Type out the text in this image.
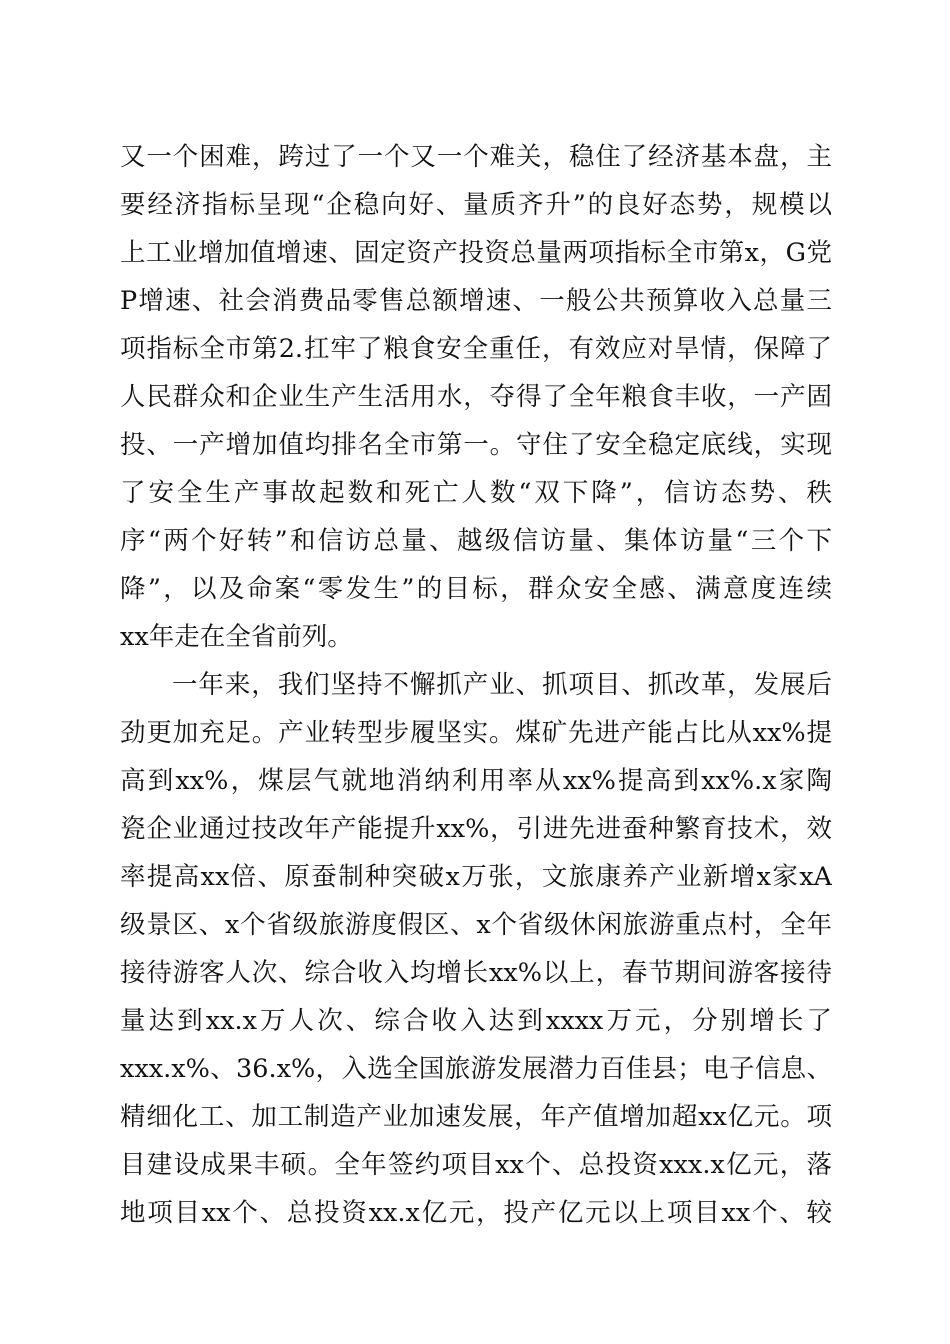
又一个困难，跨过了一个又一个难关，稳住了经济基本盘，主
要经济指标呈现“企稳向好、量质齐升”的良好态势，规模以
上工业增加值增速、固定资产投资总量两项指标全市第x，G党
P增速、社会消费品零售总额增速、一般公共预算收入总量三
项指标全市第2.扛牢了粮食安全重任，有效应对旱情，保障了
人民群众和企业生产生活用水，夺得了全年粮食丰收，一产固
投、一产增加值均排名全市第一。守住了安全稳定底线，实现
了安全生产事故起数和死亡人数“双下降”，信访态势、秩
序“两个好转”和信访总量、越级信访量、集体访量“三个下
降”，以及命案“零发生”的目标，群众安全感、满意度连续
xx年走在全省前列。
一年来，我们坚持不懈抓产业、抓项目、抓改革，发展后
劲更加充足。产业转型步履坚实。煤矿先进产能占比从xx%提
高到xx%，煤层气就地消纳利用率从xx%提高到xx%.x家陶
瓷企业通过技改年产能提升xx%，引进先进蚕种繁育技术，效
率提高xx倍、原蚕制种突破x万张，文旅康养产业新增x家xA
级景区、x个省级旅游度假区、x个省级休闲旅游重点村，全年
接待游客人次、综合收入均增长xx%以上，春节期间游客接待
量达到xx.x万人次、综合收入达到xxxx万元，分别增长了
xxx.x%、36.x%，入选全国旅游发展潜力百佳县；电子信息、
精细化工、加工制造产业加速发展，年产值增加超xx亿元。项
目建设成果丰硕。全年签约项目xx个、总投资xxx.x亿元，落
地项目xx个、总投资xx.x亿元，投产亿元以上项目xx个、较
